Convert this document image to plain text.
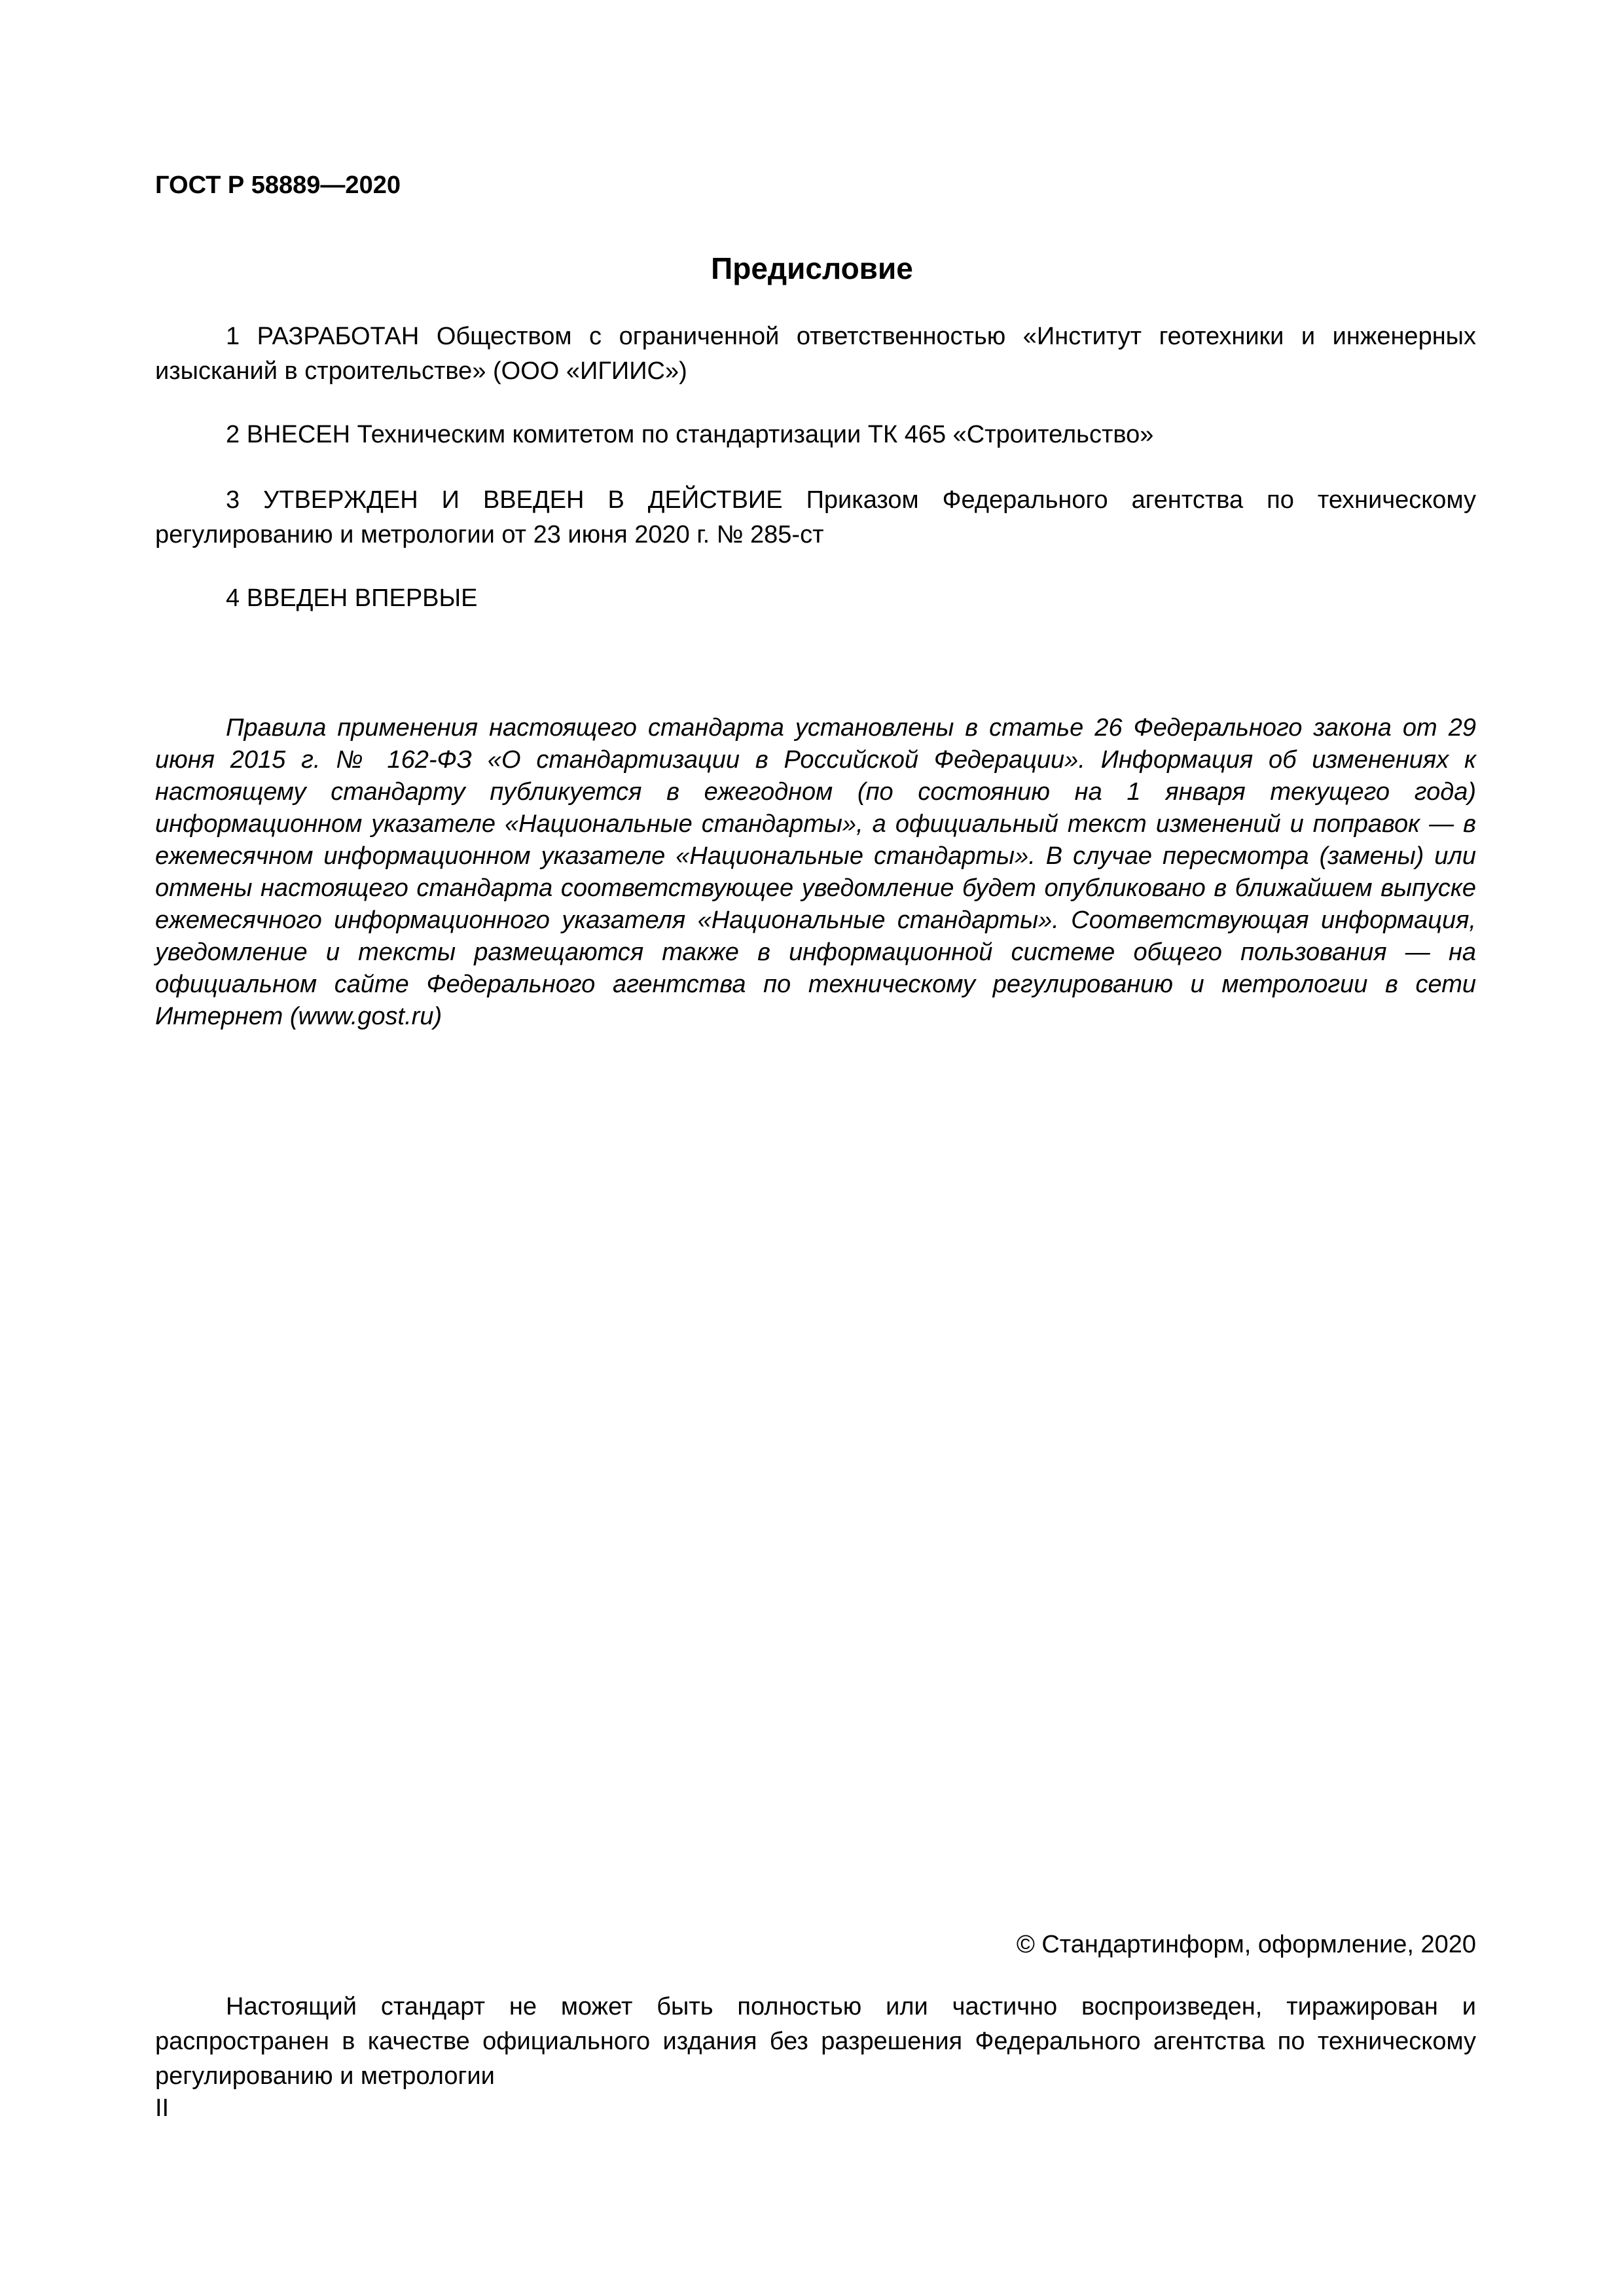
ГОСТ Р 58889—2020
Предисловие

1 РАЗРАБОТАН Обществом с ограниченной ответственностью «Институт геотехники и инженерных изысканий в строительстве» (ООО «ИГИИС»)

2 ВНЕСЕН Техническим комитетом по стандартизации ТК 465 «Строительство»

3 УТВЕРЖДЕН И ВВЕДЕН В ДЕЙСТВИЕ Приказом Федерального агентства по техническому регулированию и метрологии от 23 июня 2020 г. № 285-ст

4 ВВЕДЕН ВПЕРВЫЕ

Правила применения настоящего стандарта установлены в статье 26 Федерального закона от 29 июня 2015 г. № 162-ФЗ «О стандартизации в Российской Федерации». Информация об изменениях к настоящему стандарту публикуется в ежегодном (по состоянию на 1 января текущего года) информационном указателе «Национальные стандарты», а официальный текст изменений и поправок — в ежемесячном информационном указателе «Национальные стандарты». В случае пересмотра (замены) или отмены настоящего стандарта соответствующее уведомление будет опубликовано в ближайшем выпуске ежемесячного информационного указателя «Национальные стандарты». Соответствующая информация, уведомление и тексты размещаются также в информационной системе общего пользования — на официальном сайте Федерального агентства по техническому регулированию и метрологии в сети Интернет (www.gost.ru)

© Стандартинформ, оформление, 2020

Настоящий стандарт не может быть полностью или частично воспроизведен, тиражирован и распространен в качестве официального издания без разрешения Федерального агентства по техническому регулированию и метрологии

II
